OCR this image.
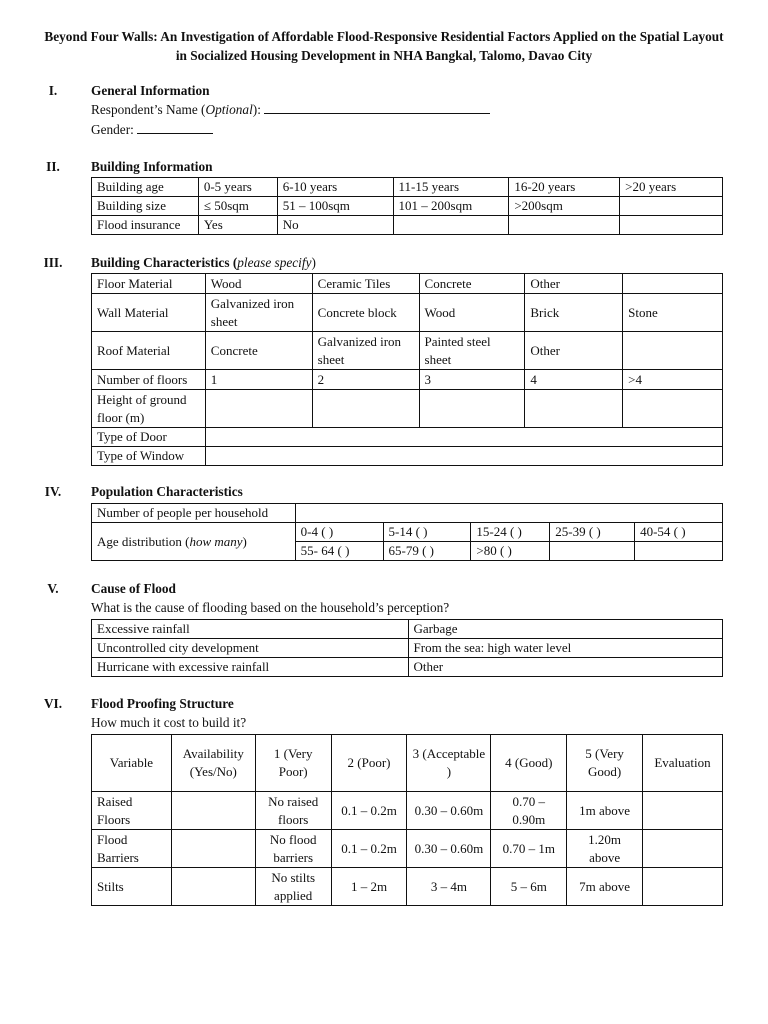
Beyond Four Walls: An Investigation of Affordable Flood-Responsive Residential Factors Applied on the Spatial Layout in Socialized Housing Development in NHA Bangkal, Talomo, Davao City
I.	General Information
Respondent’s Name (Optional):
Gender:
II.	Building Information
Building age	0-5 years	6-10 years	11-15 years	16-20 years	>20 years
Building size	≤ 50sqm	51 – 100sqm	101 – 200sqm	>200sqm	
Flood insurance	Yes	No			
III.	Building Characteristics (please specify)
Floor Material	Wood	Ceramic Tiles	Concrete	Other	
Wall Material	Galvanized iron sheet	Concrete block	Wood	Brick	Stone
Roof Material	Concrete	Galvanized iron sheet	Painted steel sheet	Other	
Number of floors	1	2	3	4	>4
Height of ground floor (m)					
Type of Door					
Type of Window					
IV.	Population Characteristics
Number of people per household					
Age distribution (how many)	0-4 ( )	5-14 ( )	15-24 ( )	25-39 ( )	40-54 ( )
	55- 64 ( )	65-79 ( )	>80 ( )		
V.	Cause of Flood
What is the cause of flooding based on the household’s perception?
Excessive rainfall	Garbage
Uncontrolled city development	From the sea: high water level
Hurricane with excessive rainfall	Other
VI.	Flood Proofing Structure
How much it cost to build it?
Variable	Availability (Yes/No)	1 (Very Poor)	2 (Poor)	3 (Acceptable )	4 (Good)	5 (Very Good)	Evaluation
Raised Floors		No raised floors	0.1 – 0.2m	0.30 – 0.60m	0.70 – 0.90m	1m above	
Flood Barriers		No flood barriers	0.1 – 0.2m	0.30 – 0.60m	0.70 – 1m	1.20m above	
Stilts		No stilts applied	1 – 2m	3 – 4m	5 – 6m	7m above	
